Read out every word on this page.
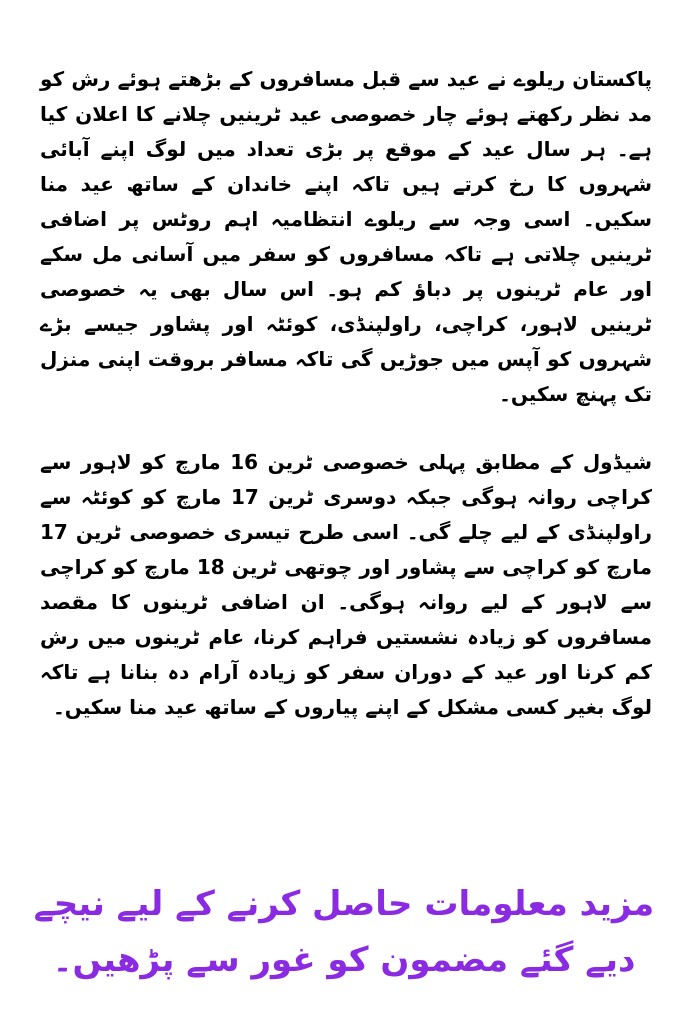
پاکستان ریلوے نے عید سے قبل مسافروں کے بڑھتے ہوئے رش کو مد نظر رکھتے ہوئے چار خصوصی عید ٹرینیں چلانے کا اعلان کیا ہے۔ ہر سال عید کے موقع پر بڑی تعداد میں لوگ اپنے آبائی شہروں کا رخ کرتے ہیں تاکہ اپنے خاندان کے ساتھ عید منا سکیں۔ اسی وجہ سے ریلوے انتظامیہ اہم روٹس پر اضافی ٹرینیں چلاتی ہے تاکہ مسافروں کو سفر میں آسانی مل سکے اور عام ٹرینوں پر دباؤ کم ہو۔ اس سال بھی یہ خصوصی ٹرینیں لاہور، کراچی، راولپنڈی، کوئٹہ اور پشاور جیسے بڑے شہروں کو آپس میں جوڑیں گی تاکہ مسافر بروقت اپنی منزل تک پہنچ سکیں۔

شیڈول کے مطابق پہلی خصوصی ٹرین 16 مارچ کو لاہور سے کراچی روانہ ہوگی جبکہ دوسری ٹرین 17 مارچ کو کوئٹہ سے راولپنڈی کے لیے چلے گی۔ اسی طرح تیسری خصوصی ٹرین 17 مارچ کو کراچی سے پشاور اور چوتھی ٹرین 18 مارچ کو کراچی سے لاہور کے لیے روانہ ہوگی۔ ان اضافی ٹرینوں کا مقصد مسافروں کو زیادہ نشستیں فراہم کرنا، عام ٹرینوں میں رش کم کرنا اور عید کے دوران سفر کو زیادہ آرام دہ بنانا ہے تاکہ لوگ بغیر کسی مشکل کے اپنے پیاروں کے ساتھ عید منا سکیں۔

مزید معلومات حاصل کرنے کے لیے نیچے دیے گئے مضمون کو غور سے پڑھیں۔
